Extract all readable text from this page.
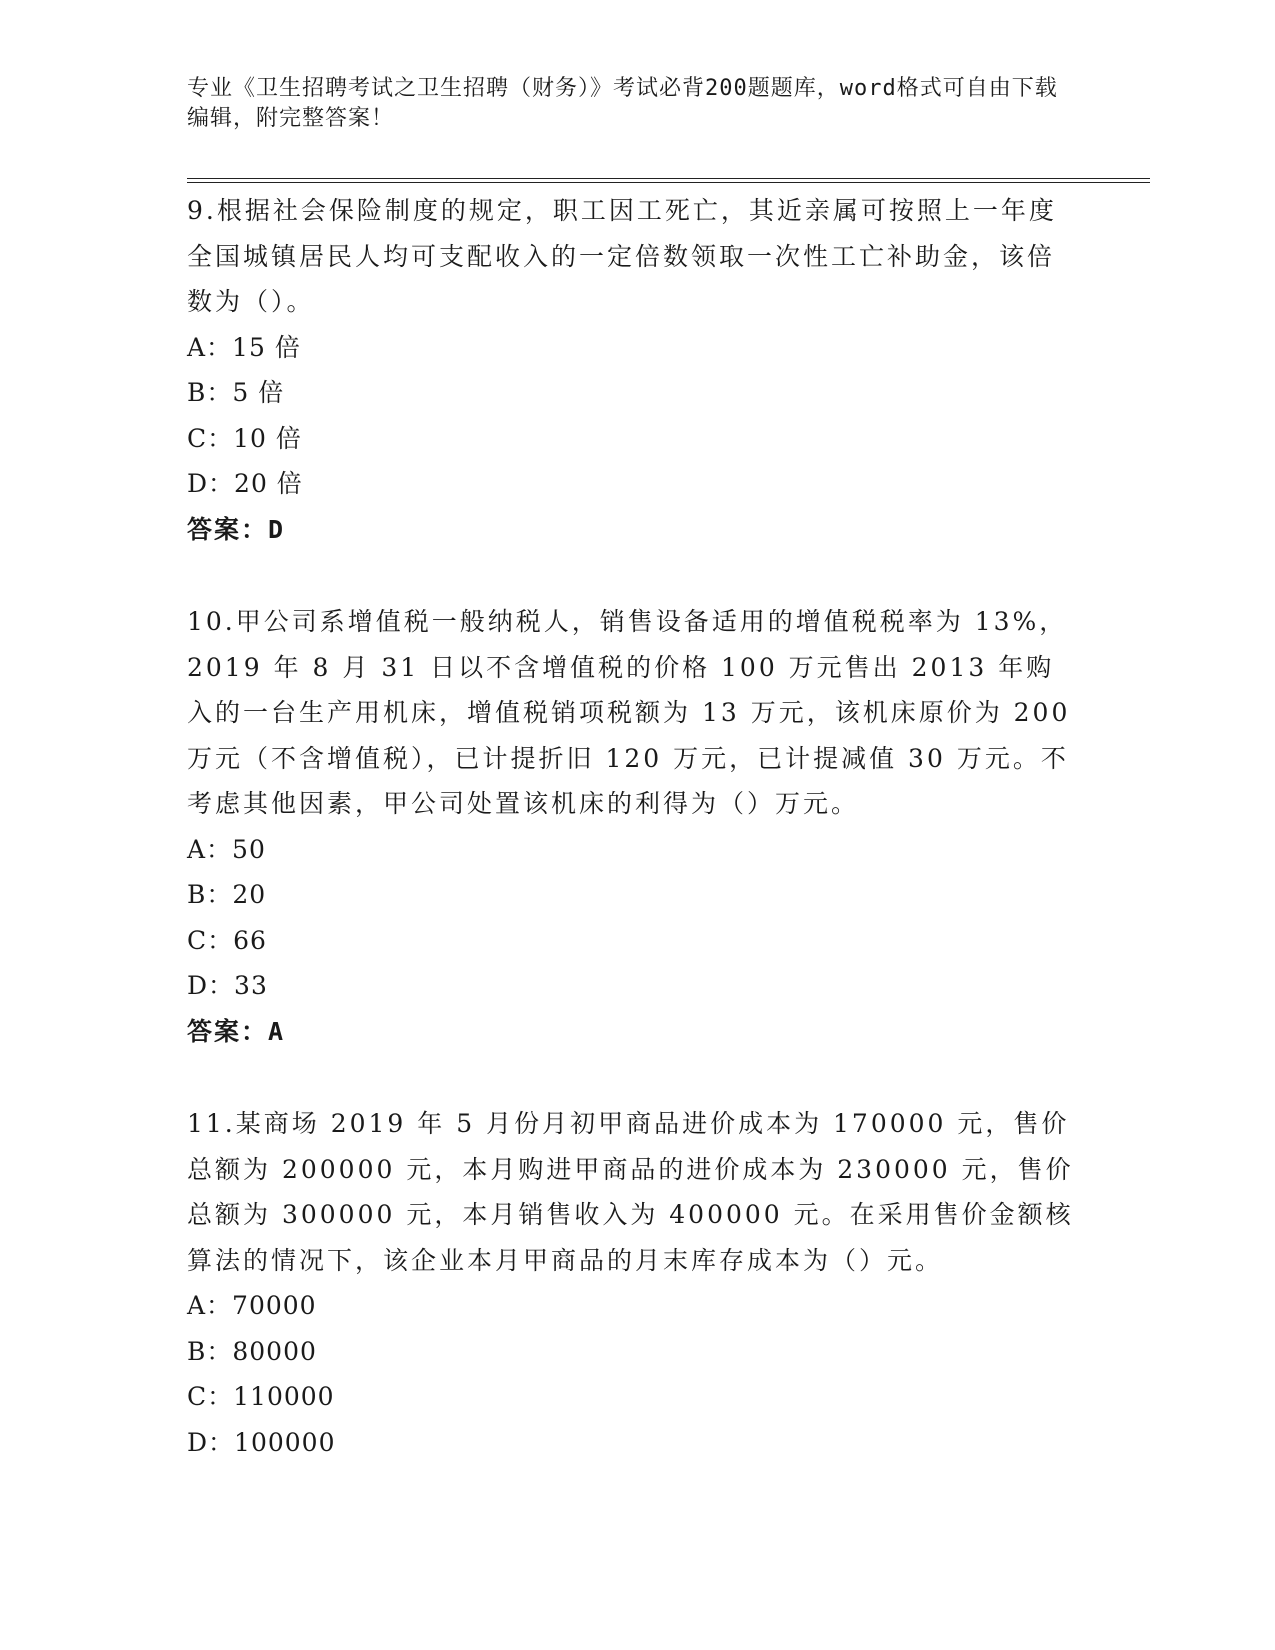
专业《卫生招聘考试之卫生招聘（财务）》考试必背200题题库，word格式可自由下载编辑，附完整答案！

9.根据社会保险制度的规定，职工因工死亡，其近亲属可按照上一年度全国城镇居民人均可支配收入的一定倍数领取一次性工亡补助金，该倍数为（）。

A：15 倍

B：5 倍

C：10 倍

D：20 倍

答案：D

10.甲公司系增值税一般纳税人，销售设备适用的增值税税率为 13%，2019 年 8 月 31 日以不含增值税的价格 100 万元售出 2013 年购入的一台生产用机床，增值税销项税额为 13 万元，该机床原价为 200 万元（不含增值税），已计提折旧 120 万元，已计提减值 30 万元。不考虑其他因素，甲公司处置该机床的利得为（）万元。

A：50

B：20

C：66

D：33

答案：A

11.某商场 2019 年 5 月份月初甲商品进价成本为 170000 元，售价总额为 200000 元，本月购进甲商品的进价成本为 230000 元，售价总额为 300000 元，本月销售收入为 400000 元。在采用售价金额核算法的情况下，该企业本月甲商品的月末库存成本为（）元。

A：70000

B：80000

C：110000

D：100000
